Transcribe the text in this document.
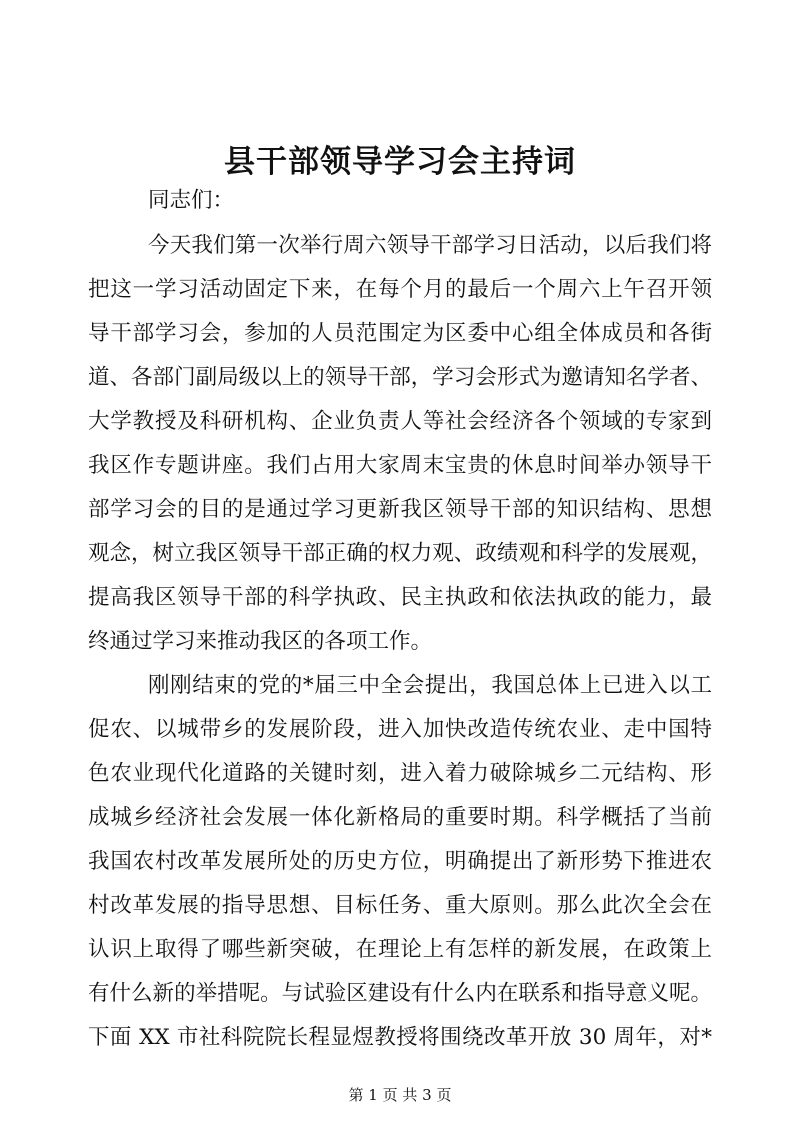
县干部领导学习会主持词
同志们：
今天我们第一次举行周六领导干部学习日活动，以后我们将
把这一学习活动固定下来，在每个月的最后一个周六上午召开领
导干部学习会，参加的人员范围定为区委中心组全体成员和各街
道、各部门副局级以上的领导干部，学习会形式为邀请知名学者、
大学教授及科研机构、企业负责人等社会经济各个领域的专家到
我区作专题讲座。我们占用大家周末宝贵的休息时间举办领导干
部学习会的目的是通过学习更新我区领导干部的知识结构、思想
观念，树立我区领导干部正确的权力观、政绩观和科学的发展观，
提高我区领导干部的科学执政、民主执政和依法执政的能力，最
终通过学习来推动我区的各项工作。
刚刚结束的党的*届三中全会提出，我国总体上已进入以工
促农、以城带乡的发展阶段，进入加快改造传统农业、走中国特
色农业现代化道路的关键时刻，进入着力破除城乡二元结构、形
成城乡经济社会发展一体化新格局的重要时期。科学概括了当前
我国农村改革发展所处的历史方位，明确提出了新形势下推进农
村改革发展的指导思想、目标任务、重大原则。那么此次全会在
认识上取得了哪些新突破，在理论上有怎样的新发展，在政策上
有什么新的举措呢。与试验区建设有什么内在联系和指导意义呢。
第 1 页 共 3 页
下面 XX 市社科院院长程显煜教授将围绕改革开放 30 周年，对*
